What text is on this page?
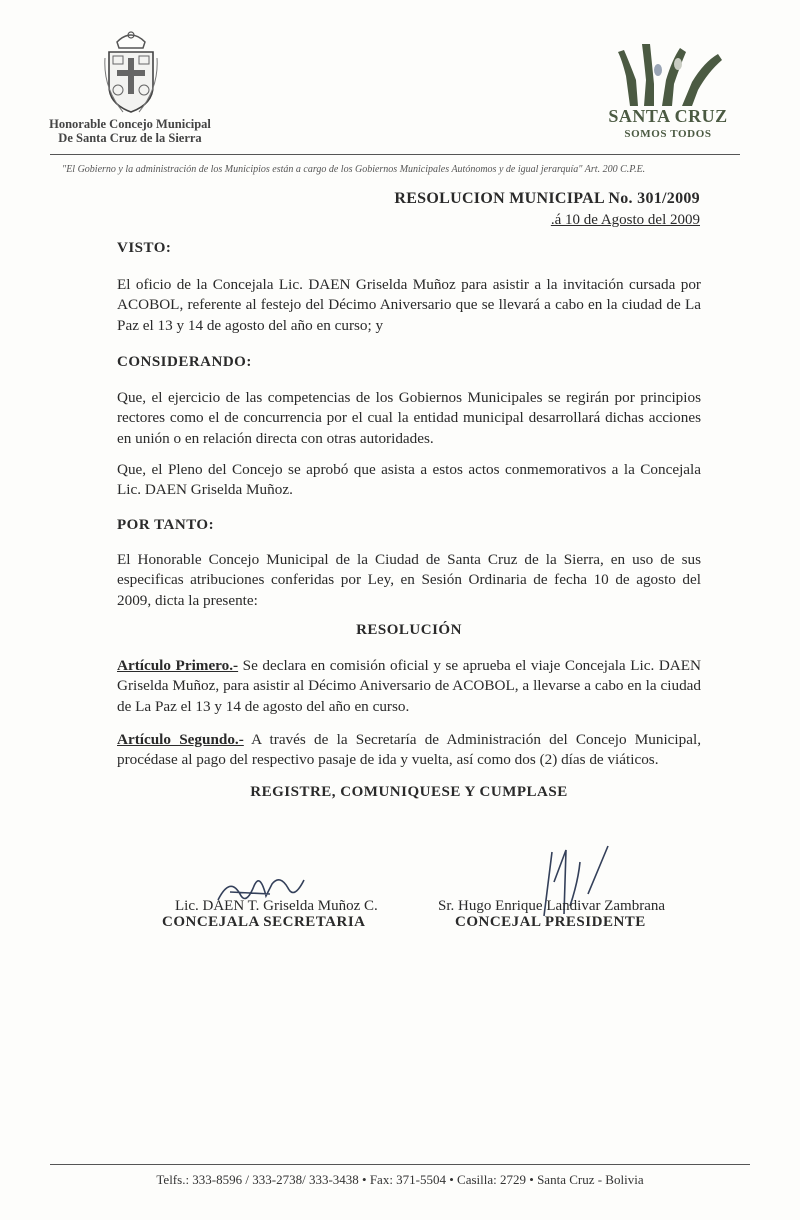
Honorable Concejo Municipal
De Santa Cruz de la Sierra
SANTA CRUZ
SOMOS TODOS
"El Gobierno y la administración de los Municipios están a cargo de los Gobiernos Municipales Autónomos y de igual jerarquía" Art. 200 C.P.E.
RESOLUCION MUNICIPAL No. 301/2009
.á 10 de Agosto del 2009
VISTO:
El oficio de la Concejala Lic. DAEN Griselda Muñoz para asistir a la invitación cursada por ACOBOL, referente al festejo del Décimo Aniversario que se llevará a cabo en la ciudad de La Paz el 13 y 14 de agosto del año en curso; y
CONSIDERANDO:
Que, el ejercicio de las competencias de los Gobiernos Municipales se regirán por principios rectores como el de concurrencia por el cual la entidad municipal desarrollará dichas acciones en unión o en relación directa con otras autoridades.
Que, el Pleno del Concejo se aprobó que asista a estos actos conmemorativos a la Concejala Lic. DAEN Griselda Muñoz.
POR TANTO:
El Honorable Concejo Municipal de la Ciudad de Santa Cruz de la Sierra, en uso de sus especificas atribuciones conferidas por Ley, en Sesión Ordinaria de fecha 10 de agosto del 2009, dicta la presente:
RESOLUCIÓN
Artículo Primero.- Se declara en comisión oficial y se aprueba el viaje Concejala Lic. DAEN Griselda Muñoz, para asistir al Décimo Aniversario de ACOBOL, a llevarse a cabo en la ciudad de La Paz el 13 y 14 de agosto del año en curso.
Artículo Segundo.- A través de la Secretaría de Administración del Concejo Municipal, procédase al pago del respectivo pasaje de ida y vuelta, así como dos (2) días de viáticos.
REGISTRE, COMUNIQUESE Y CUMPLASE
Lic. DAEN T. Griselda Muñoz C.
CONCEJALA SECRETARIA
Sr. Hugo Enrique Landivar Zambrana
CONCEJAL PRESIDENTE
Telfs.: 333-8596 / 333-2738/ 333-3438 • Fax: 371-5504 • Casilla: 2729 • Santa Cruz - Bolivia
